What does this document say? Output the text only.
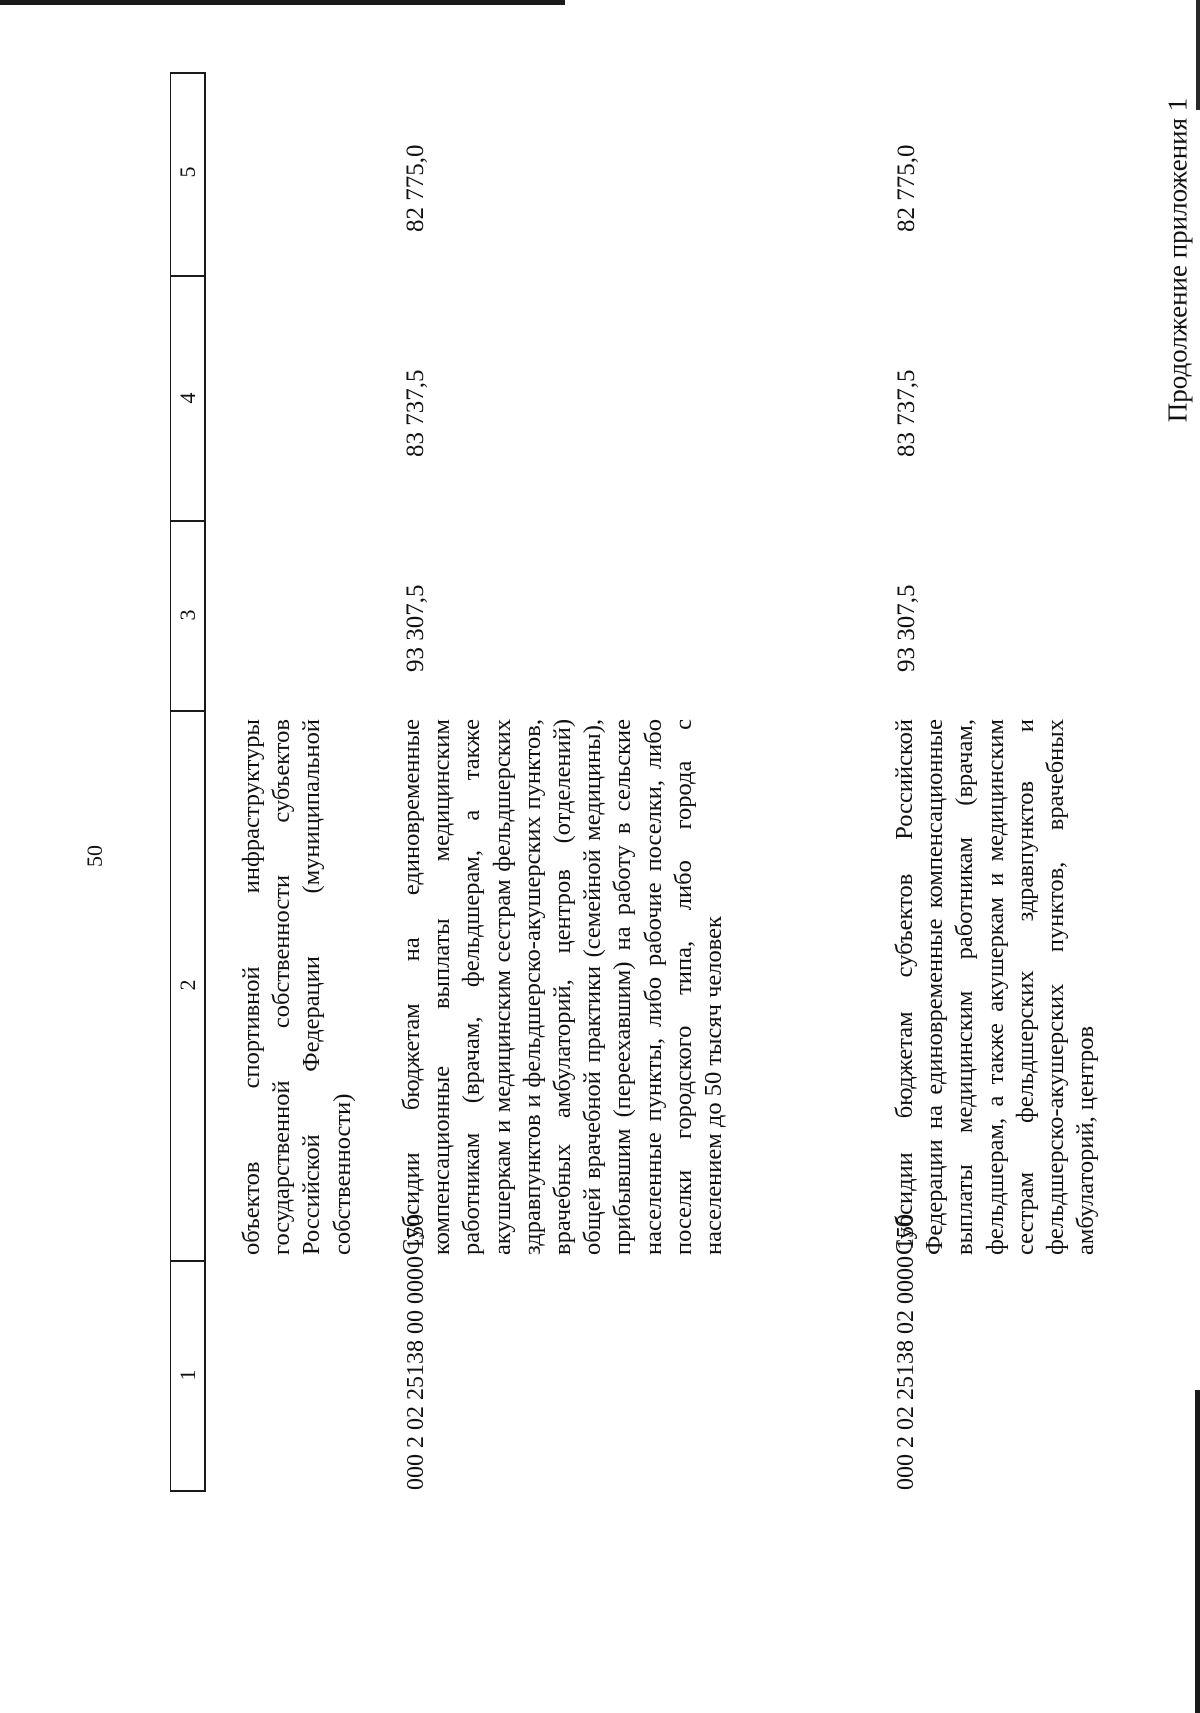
50
Продолжение приложения 1
5
4
3
2
1
объектов спортивной инфраструктуры государственной собственности субъектов Российской Федерации (муниципальной собственности)
000 2 02 25138 00 0000 150
Субсидии бюджетам на единовременные компенсационные выплаты медицинским работникам (врачам, фельдшерам, а также акушеркам и медицинским сестрам фельдшерских здравпунктов и фельдшерско-акушерских пунктов, врачебных амбулаторий, центров (отделений) общей врачебной практики (семейной медицины), прибывшим (переехавшим) на работу в сельские населенные пункты, либо рабочие поселки, либо поселки городского типа, либо города с населением до 50 тысяч человек
93 307,5
83 737,5
82 775,0
000 2 02 25138 02 0000 150
Субсидии бюджетам субъектов Российской Федерации на единовременные компенсационные выплаты медицинским работникам (врачам, фельдшерам, а также акушеркам и медицинским сестрам фельдшерских здравпунктов и фельдшерско-акушерских пунктов, врачебных амбулаторий, центров
93 307,5
83 737,5
82 775,0
